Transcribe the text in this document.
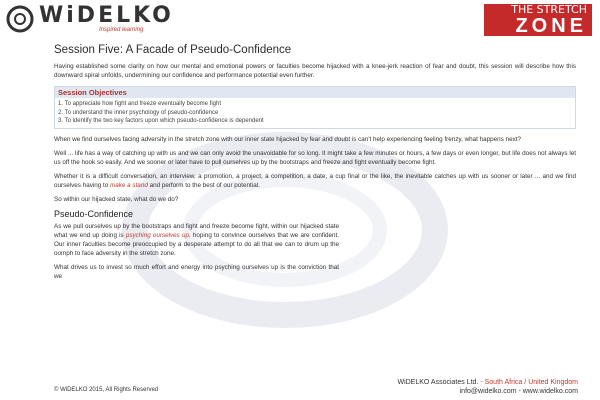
WiDELKO
Inspired learning
THE STRETCH
ZONE
Session Five: A Facade of Pseudo-Confidence

Having established some clarity on how our mental and emotional powers or faculties become hijacked with a knee-jerk reaction of fear and doubt, this session will describe how this downward spiral unfolds, undermining our confidence and performance potential even further.

Session Objectives
1. To appreciate how fight and freeze eventually become fight
2. To understand the inner psychology of pseudo-confidence
3. To identify the two key factors upon which pseudo-confidence is dependent

When we find ourselves facing adversity in the stretch zone with our inner state hijacked by fear and doubt is can't help experiencing feeling frenzy, what happens next?

Well ... life has a way of catching up with us and we can only avoid the unavoidable for so long. It might take a few minutes or hours, a few days or even longer, but life does not always let us off the hook so easily. And we sooner or later have to pull ourselves up by the bootstraps and freeze and fight eventually become fight.

Whether it is a difficult conversation, an interview, a promotion, a project, a competition, a date, a cup final or the like, the inevitable catches up with us sooner or later ... and we find ourselves having to make a stand and perform to the best of our potential.

So within our hijacked state, what do we do?

Pseudo-Confidence

As we pull ourselves up by the bootstraps and fight and freeze become fight, within our hijacked state what we end up doing is psyching ourselves up, hoping to convince ourselves that we are confident. Our inner faculties become preoccupied by a desperate attempt to do all that we can to drum up the oomph to face adversity in the stretch zone.

What drives us to invest so much effort and energy into psyching ourselves up is the conviction that we

© WiDELKO 2015, All Rights Reserved
WiDELKO Associates Ltd. - South Africa / United Kingdom
info@widelko.com - www.widelko.com
